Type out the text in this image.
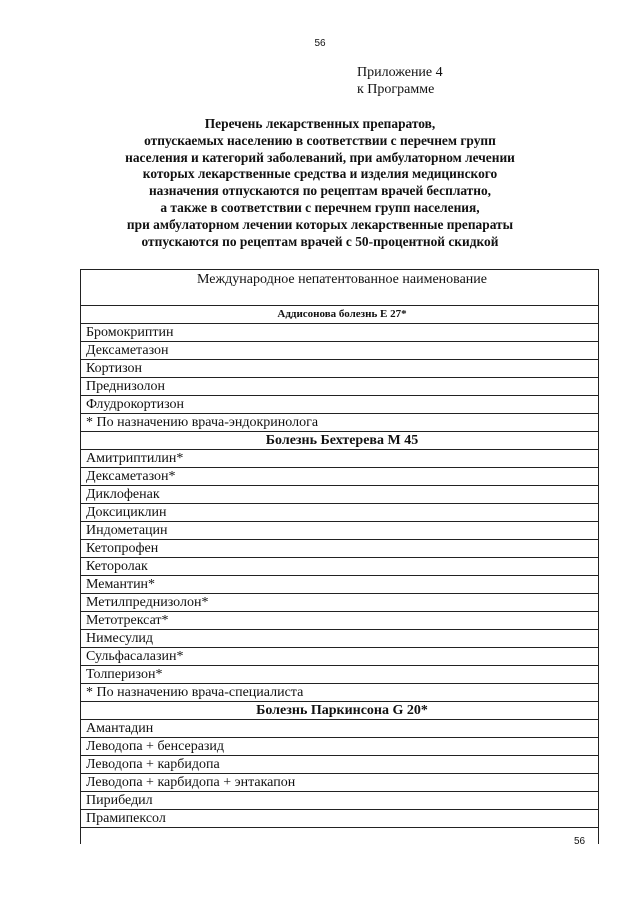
56
Приложение 4
к Программе
Перечень лекарственных препаратов,
отпускаемых населению в соответствии с перечнем групп
населения и категорий заболеваний, при амбулаторном лечении
которых лекарственные средства и изделия медицинского
назначения отпускаются по рецептам врачей бесплатно,
а также в соответствии с перечнем групп населения,
при амбулаторном лечении которых лекарственные препараты
отпускаются по рецептам врачей с 50-процентной скидкой
Международное непатентованное наименование
Аддисонова болезнь Е 27*
Бромокриптин
Дексаметазон
Кортизон
Преднизолон
Флудрокортизон
* По назначению врача-эндокринолога
Болезнь Бехтерева М 45
Амитриптилин*
Дексаметазон*
Диклофенак
Доксициклин
Индометацин
Кетопрофен
Кеторолак
Мемантин*
Метилпреднизолон*
Метотрексат*
Нимесулид
Сульфасалазин*
Толперизон*
* По назначению врача-специалиста
Болезнь Паркинсона G 20*
Амантадин
Леводопа + бенсеразид
Леводопа + карбидопа
Леводопа + карбидопа + энтакапон
Пирибедил
Прамипексол

56
